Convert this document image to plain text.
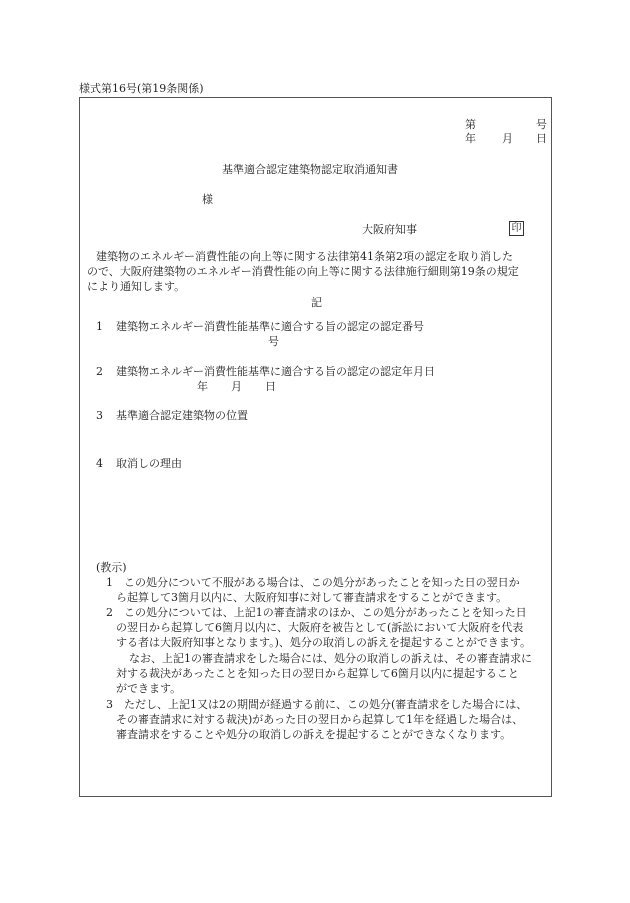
様式第16号(第19条関係)
第	号
年 月 日
基準適合認定建築物認定取消通知書
様
大阪府知事	印
建築物のエネルギー消費性能の向上等に関する法律第41条第2項の認定を取り消した
ので、大阪府建築物のエネルギー消費性能の向上等に関する法律施行細則第19条の規定
により通知します。
記
1 建築物エネルギー消費性能基準に適合する旨の認定の認定番号
号
2 建築物エネルギー消費性能基準に適合する旨の認定の認定年月日
年 月 日
3 基準適合認定建築物の位置
4 取消しの理由
(教示)
1　この処分について不服がある場合は、この処分があったことを知った日の翌日か
ら起算して3箇月以内に、大阪府知事に対して審査請求をすることができます。
2　この処分については、上記1の審査請求のほか、この処分があったことを知った日
の翌日から起算して6箇月以内に、大阪府を被告として(訴訟において大阪府を代表
する者は大阪府知事となります。)、処分の取消しの訴えを提起することができます。
なお、上記1の審査請求をした場合には、処分の取消しの訴えは、その審査請求に
対する裁決があったことを知った日の翌日から起算して6箇月以内に提起すること
ができます。
3　ただし、上記1又は2の期間が経過する前に、この処分(審査請求をした場合には、
その審査請求に対する裁決)があった日の翌日から起算して1年を経過した場合は、
審査請求をすることや処分の取消しの訴えを提起することができなくなります。
